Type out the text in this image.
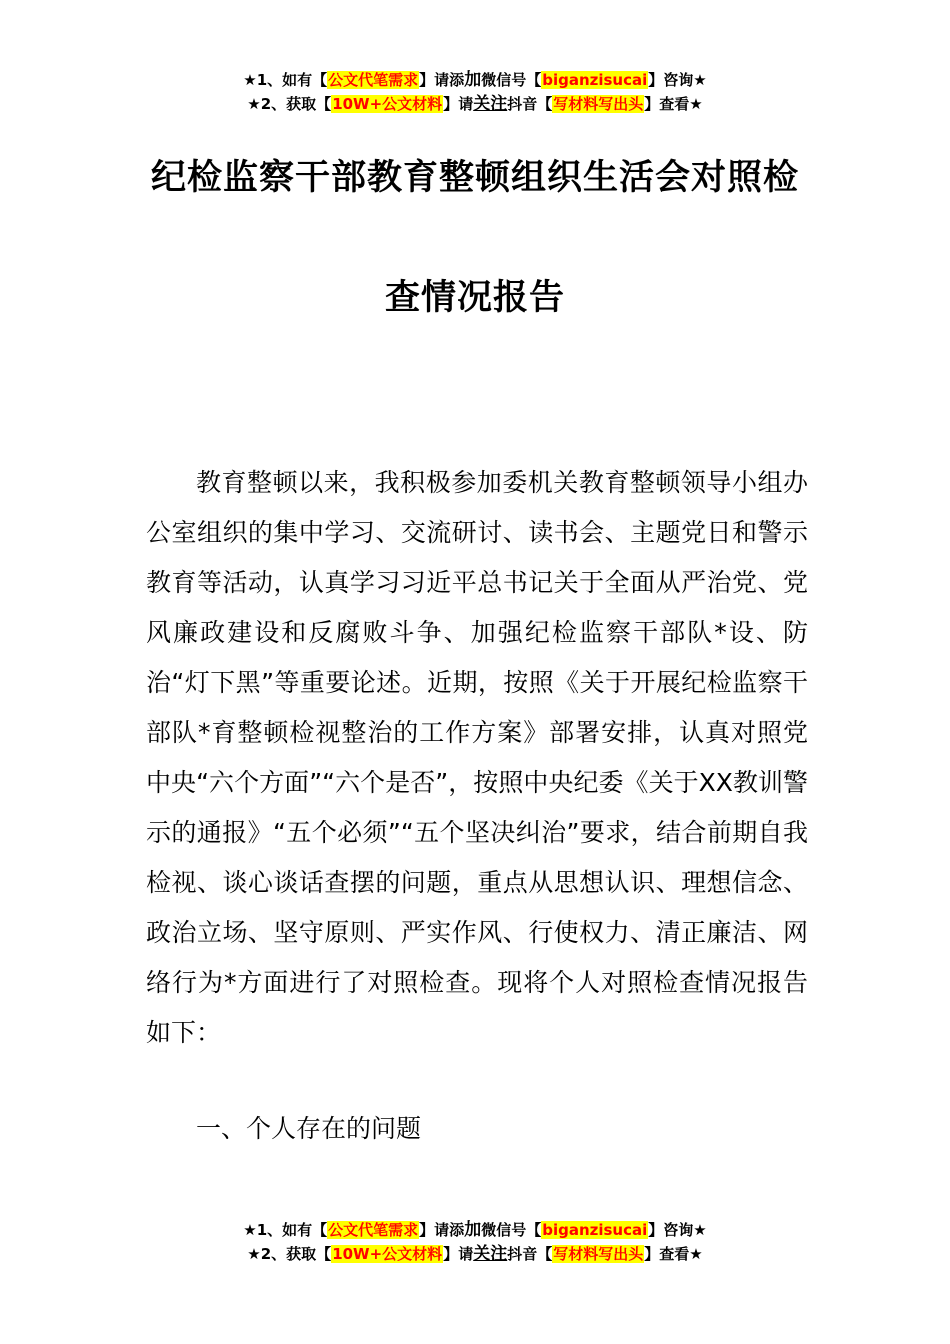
★1、如有【公文代笔需求】请添加微信号【biganzisucai】咨询★
★2、获取【10W+公文材料】请关注抖音【写材料写出头】查看★
纪检监察干部教育整顿组织生活会对照检
查情况报告
教育整顿以来，我积极参加委机关教育整顿领导小组办公室组织的集中学习、交流研讨、读书会、主题党日和警示教育等活动，认真学习习近平总书记关于全面从严治党、党风廉政建设和反腐败斗争、加强纪检监察干部队*设、防治“灯下黑”等重要论述。近期，按照《关于开展纪检监察干部队*育整顿检视整治的工作方案》部署安排，认真对照党中央“六个方面”“六个是否”，按照中央纪委《关于XX教训警示的通报》“五个必须”“五个坚决纠治”要求，结合前期自我检视、谈心谈话查摆的问题，重点从思想认识、理想信念、政治立场、坚守原则、严实作风、行使权力、清正廉洁、网络行为*方面进行了对照检查。现将个人对照检查情况报告如下：
一、个人存在的问题
★1、如有【公文代笔需求】请添加微信号【biganzisucai】咨询★
★2、获取【10W+公文材料】请关注抖音【写材料写出头】查看★
